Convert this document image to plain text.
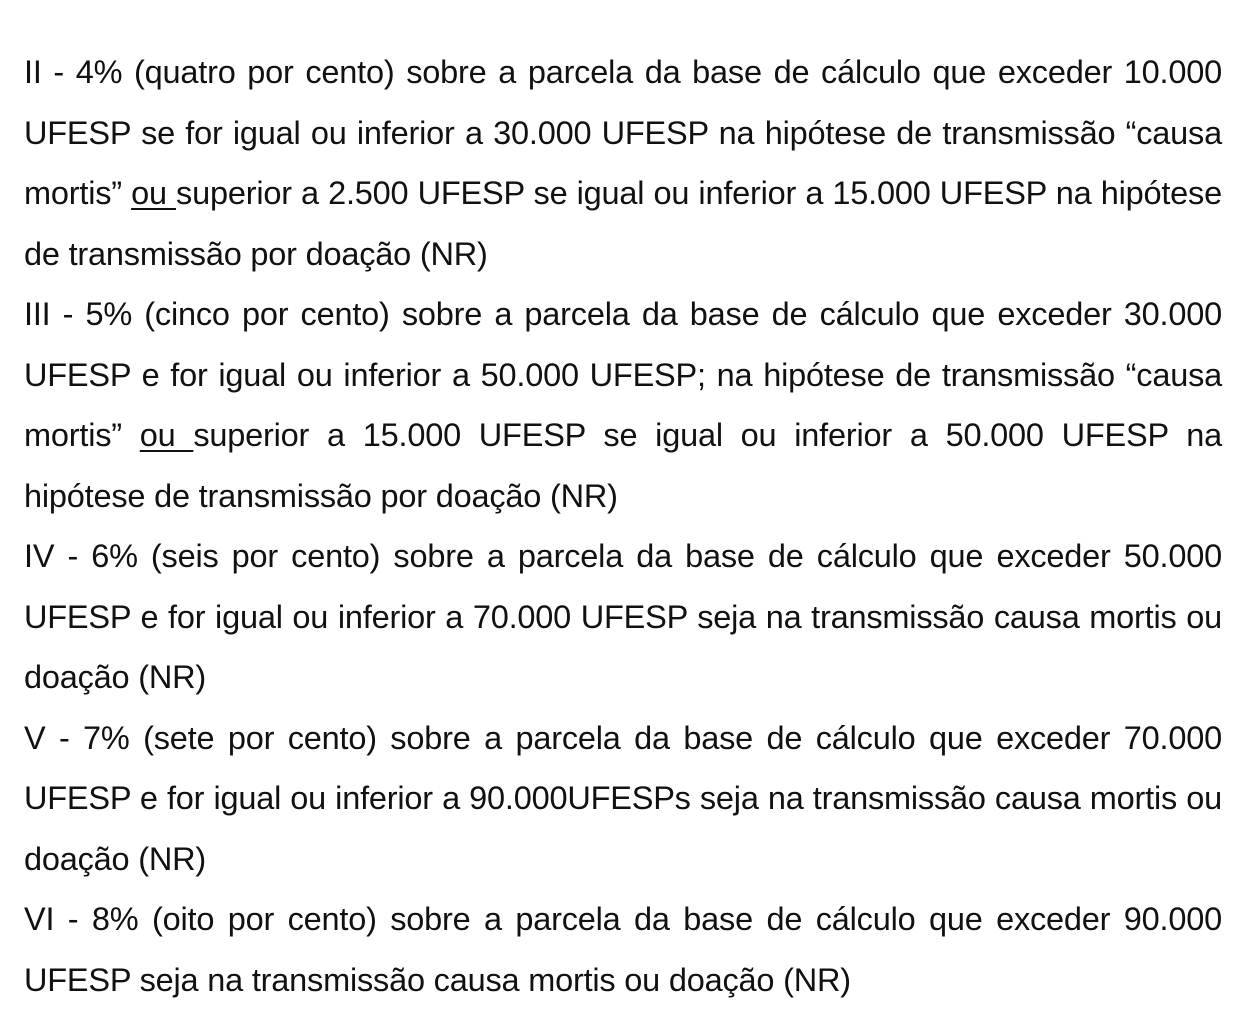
II - 4% (quatro por cento) sobre a parcela da base de cálculo que exceder 10.000 UFESP se for igual ou inferior a 30.000 UFESP na hipótese de transmissão “causa mortis” ou superior a 2.500 UFESP se igual ou inferior a 15.000 UFESP na hipótese de transmissão por doação (NR)

III - 5% (cinco por cento) sobre a parcela da base de cálculo que exceder 30.000 UFESP e for igual ou inferior a 50.000 UFESP; na hipótese de transmissão “causa mortis” ou superior a 15.000 UFESP se igual ou inferior a 50.000 UFESP na hipótese de transmissão por doação (NR)

IV - 6% (seis por cento) sobre a parcela da base de cálculo que exceder 50.000 UFESP e for igual ou inferior a 70.000 UFESP seja na transmissão causa mortis ou doação (NR)

V - 7% (sete por cento) sobre a parcela da base de cálculo que exceder 70.000 UFESP e for igual ou inferior a 90.000UFESPs seja na transmissão causa mortis ou doação (NR)

VI - 8% (oito por cento) sobre a parcela da base de cálculo que exceder 90.000 UFESP seja na transmissão causa mortis ou doação (NR)
